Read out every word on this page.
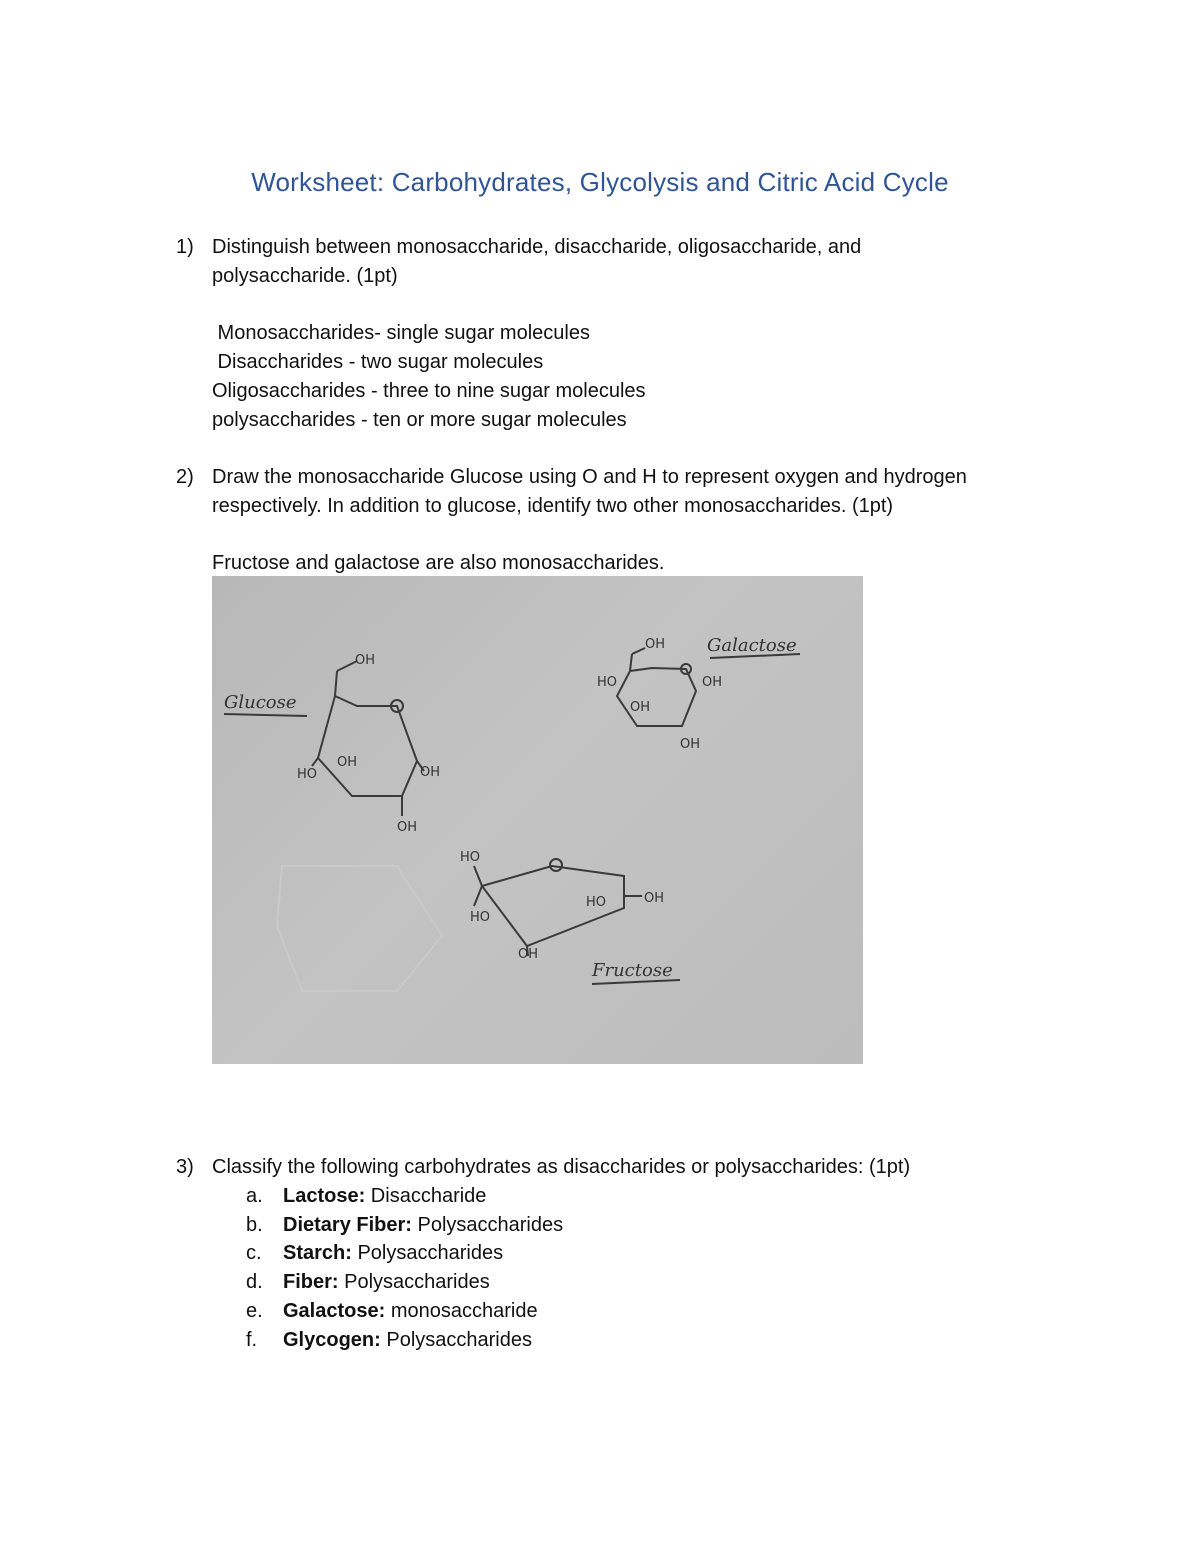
Worksheet: Carbohydrates, Glycolysis and Citric Acid Cycle
1) Distinguish between monosaccharide, disaccharide, oligosaccharide, and
polysaccharide. (1pt)
Monosaccharides- single sugar molecules
Disaccharides - two sugar molecules
Oligosaccharides - three to nine sugar molecules
polysaccharides - ten or more sugar molecules
2) Draw the monosaccharide Glucose using O and H to represent oxygen and hydrogen
respectively. In addition to glucose, identify two other monosaccharides. (1pt)
Fructose and galactose are also monosaccharides.
OH
HO
OH
OH
OH
Glucose
OH
HO
OH
OH
OH
Galactose
HO
HO
HO	OH
OH
Fructose
3) Classify the following carbohydrates as disaccharides or polysaccharides: (1pt)
a. Lactose: Disaccharide
b. Dietary Fiber: Polysaccharides
c. Starch: Polysaccharides
d. Fiber: Polysaccharides
e. Galactose: monosaccharide
f. Glycogen: Polysaccharides
